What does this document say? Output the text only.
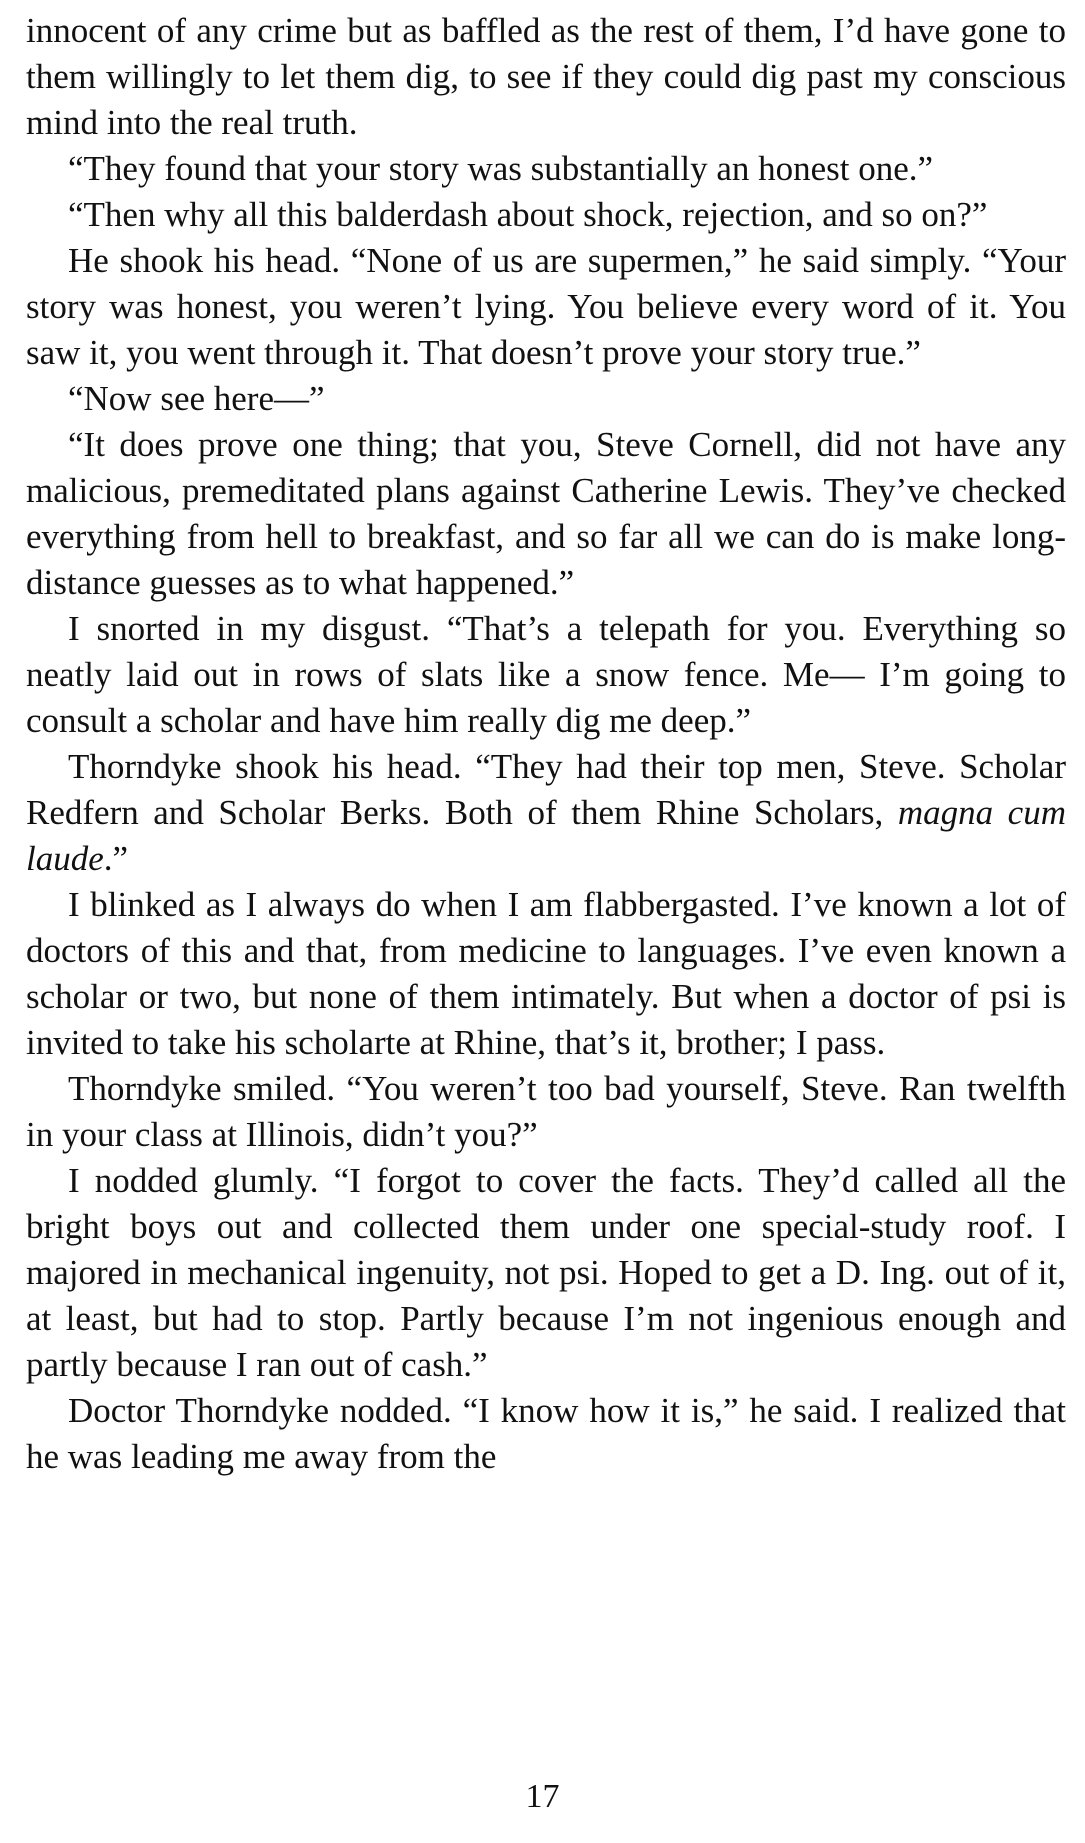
innocent of any crime but as baffled as the rest of them, I’d have gone to them willingly to let them dig, to see if they could dig past my conscious mind into the real truth.

“They found that your story was substantially an honest one.”

“Then why all this balderdash about shock, rejection, and so on?”

He shook his head. “None of us are supermen,” he said simply. “Your story was honest, you weren’t lying. You believe every word of it. You saw it, you went through it. That doesn’t prove your story true.”

“Now see here—”

“It does prove one thing; that you, Steve Cornell, did not have any malicious, premeditated plans against Catherine Lewis. They’ve checked everything from hell to breakfast, and so far all we can do is make long-distance guesses as to what happened.”

I snorted in my disgust. “That’s a telepath for you. Everything so neatly laid out in rows of slats like a snow fence. Me— I’m going to consult a scholar and have him really dig me deep.”

Thorndyke shook his head. “They had their top men, Steve. Scholar Redfern and Scholar Berks. Both of them Rhine Scholars, magna cum laude.”

I blinked as I always do when I am flabbergasted. I’ve known a lot of doctors of this and that, from medicine to languages. I’ve even known a scholar or two, but none of them intimately. But when a doctor of psi is invited to take his scholarte at Rhine, that’s it, brother; I pass.

Thorndyke smiled. “You weren’t too bad yourself, Steve. Ran twelfth in your class at Illinois, didn’t you?”

I nodded glumly. “I forgot to cover the facts. They’d called all the bright boys out and collected them under one special-study roof. I majored in mechanical ingenuity, not psi. Hoped to get a D. Ing. out of it, at least, but had to stop. Partly because I’m not ingenious enough and partly because I ran out of cash.”

Doctor Thorndyke nodded. “I know how it is,” he said. I realized that he was leading me away from the

17
